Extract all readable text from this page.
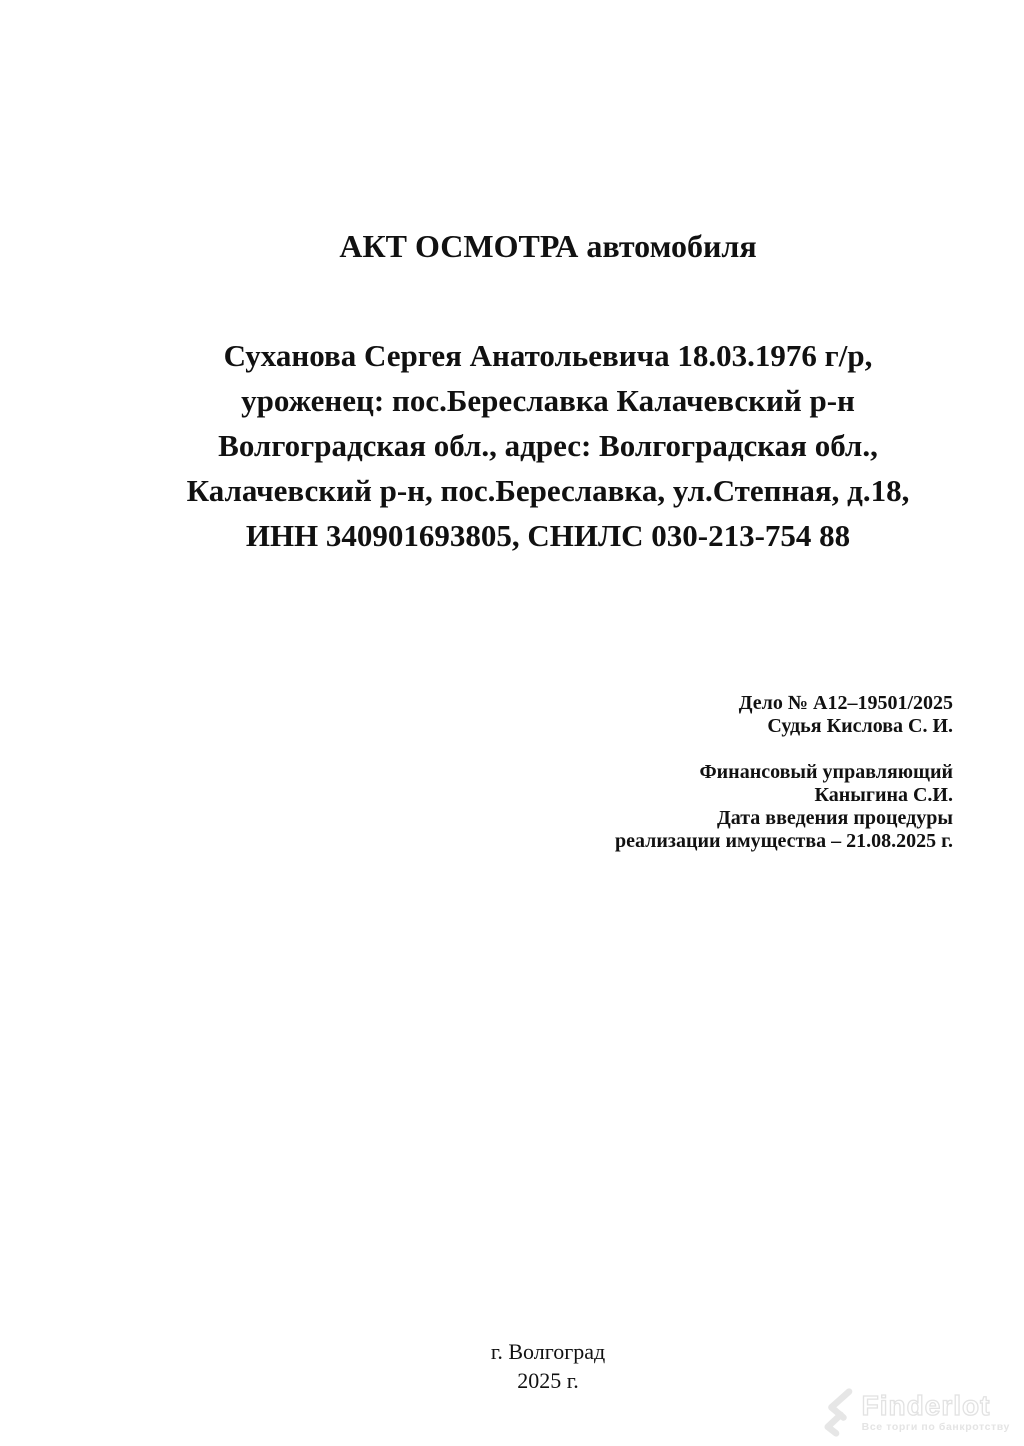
АКТ ОСМОТРА автомобиля
Суханова Сергея Анатольевича 18.03.1976 г/р,
уроженец: пос.Береславка Калачевский р-н
Волгоградская обл., адрес: Волгоградская обл.,
Калачевский р-н, пос.Береславка, ул.Степная, д.18,
ИНН 340901693805, СНИЛС 030-213-754 88
Дело № А12–19501/2025
Судья Кислова С. И.
Финансовый управляющий
Каныгина С.И.
Дата введения процедуры
реализации имущества – 21.08.2025 г.
г. Волгоград
2025 г.
Finderlot
Все торги по банкротству
